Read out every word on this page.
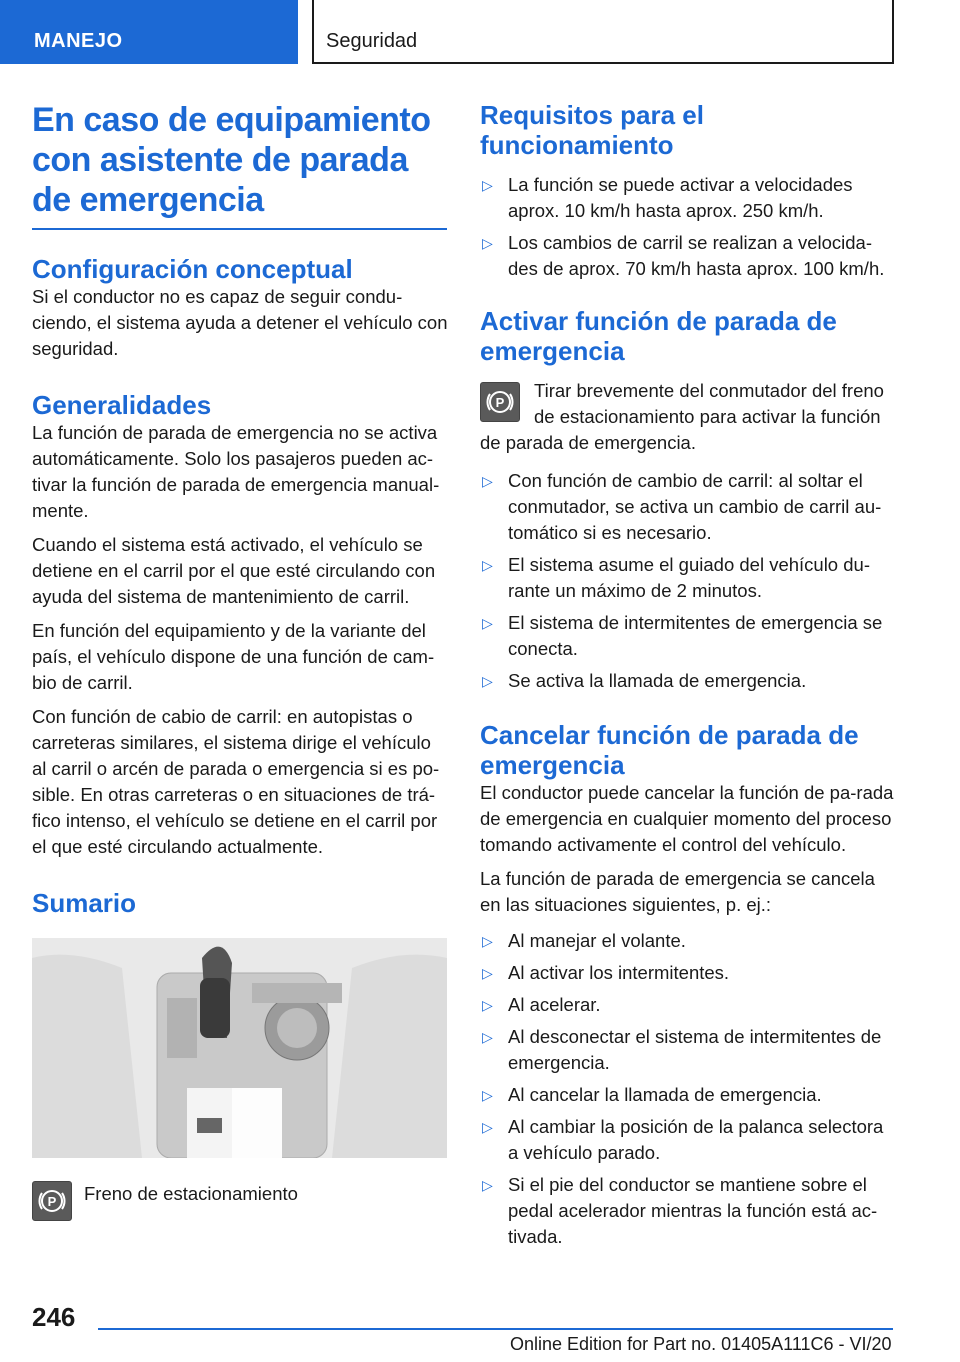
MANEJO	Seguridad
En caso de equipamiento con asistente de parada de emergencia
Configuración conceptual

Si el conductor no es capaz de seguir condu-ciendo, el sistema ayuda a detener el vehículo con seguridad.

Generalidades

La función de parada de emergencia no se activa automáticamente. Solo los pasajeros pueden ac-tivar la función de parada de emergencia manual-mente.

Cuando el sistema está activado, el vehículo se detiene en el carril por el que esté circulando con ayuda del sistema de mantenimiento de carril.

En función del equipamiento y de la variante del país, el vehículo dispone de una función de cam-bio de carril.

Con función de cabio de carril: en autopistas o carreteras similares, el sistema dirige el vehículo al carril o arcén de parada o emergencia si es po-sible. En otras carreteras o en situaciones de trá-fico intenso, el vehículo se detiene en el carril por el que esté circulando actualmente.

Sumario
P Freno de estacionamiento
Requisitos para el funcionamiento
▷ La función se puede activar a velocidades aprox. 10 km/h hasta aprox. 250 km/h.
▷ Los cambios de carril se realizan a velocida-des de aprox. 70 km/h hasta aprox. 100 km/h.
Activar función de parada de emergencia
P

Tirar brevemente del conmutador del freno de estacionamiento para activar la función de parada de emergencia.

▷ Con función de cambio de carril: al soltar el conmutador, se activa un cambio de carril au-tomático si es necesario.
▷ El sistema asume el guiado del vehículo du-rante un máximo de 2 minutos.
▷ El sistema de intermitentes de emergencia se conecta.
▷ Se activa la llamada de emergencia.
Cancelar función de parada de emergencia

El conductor puede cancelar la función de pa-rada de emergencia en cualquier momento del proceso tomando activamente el control del vehículo.

La función de parada de emergencia se cancela en las situaciones siguientes, p. ej.:

▷ Al manejar el volante.
▷ Al activar los intermitentes.
▷ Al acelerar.
▷ Al desconectar el sistema de intermitentes de emergencia.
▷ Al cancelar la llamada de emergencia.
▷ Al cambiar la posición de la palanca selectora a vehículo parado.
▷ Si el pie del conductor se mantiene sobre el pedal acelerador mientras la función está ac-tivada.
246
Online Edition for Part no. 01405A111C6 - VI/20
